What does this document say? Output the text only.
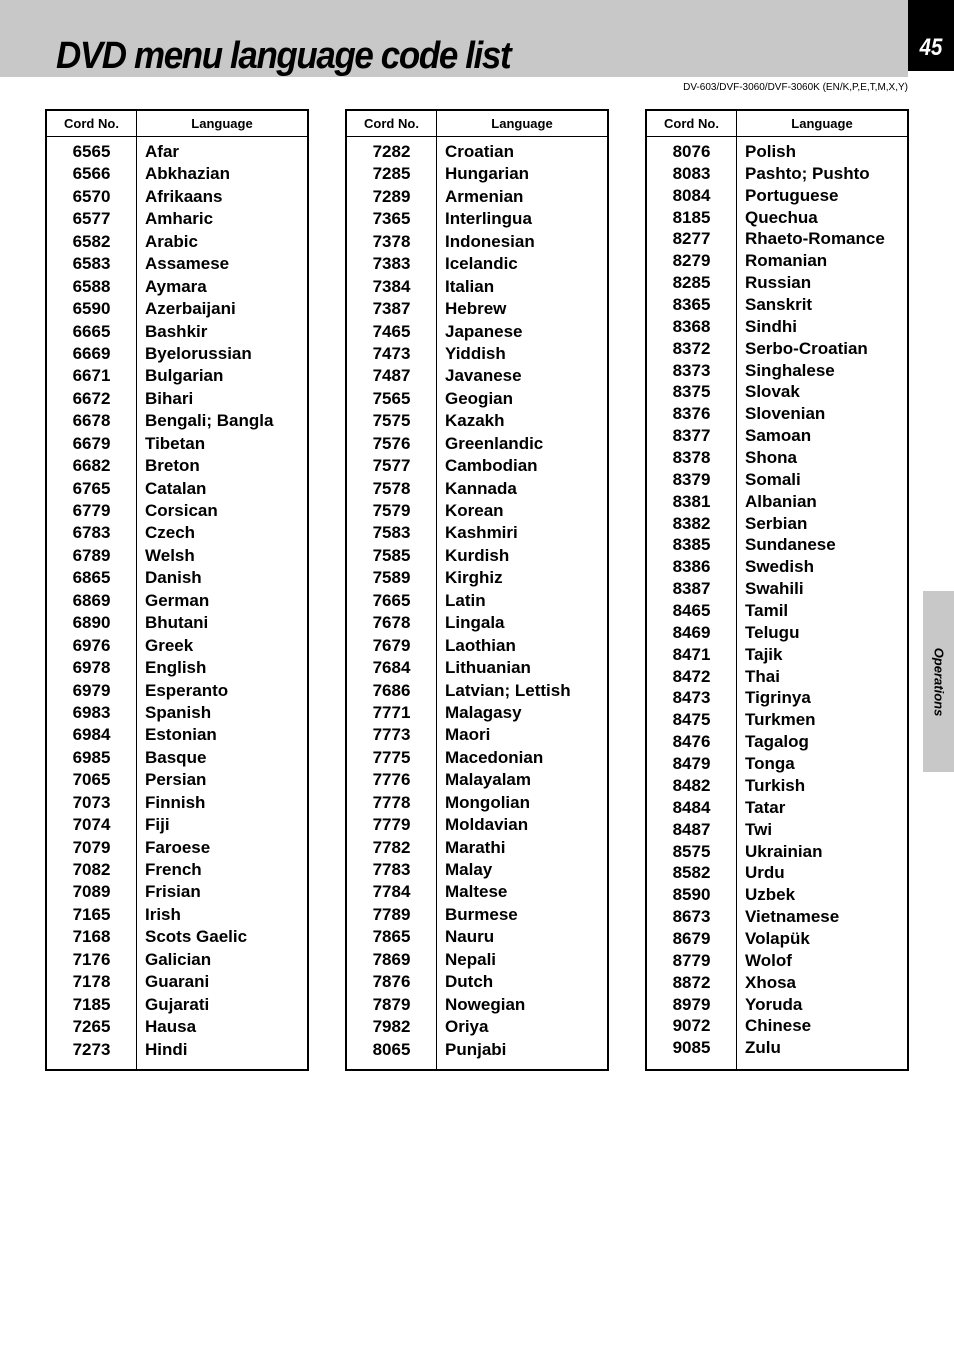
DVD menu language code list	45
DV-603/DVF-3060/DVF-3060K (EN/K,P,E,T,M,X,Y)
Operations
Cord No.	Language
6565	Afar
6566	Abkhazian
6570	Afrikaans
6577	Amharic
6582	Arabic
6583	Assamese
6588	Aymara
6590	Azerbaijani
6665	Bashkir
6669	Byelorussian
6671	Bulgarian
6672	Bihari
6678	Bengali; Bangla
6679	Tibetan
6682	Breton
6765	Catalan
6779	Corsican
6783	Czech
6789	Welsh
6865	Danish
6869	German
6890	Bhutani
6976	Greek
6978	English
6979	Esperanto
6983	Spanish
6984	Estonian
6985	Basque
7065	Persian
7073	Finnish
7074	Fiji
7079	Faroese
7082	French
7089	Frisian
7165	Irish
7168	Scots Gaelic
7176	Galician
7178	Guarani
7185	Gujarati
7265	Hausa
7273	Hindi
Cord No.	Language
7282	Croatian
7285	Hungarian
7289	Armenian
7365	Interlingua
7378	Indonesian
7383	Icelandic
7384	Italian
7387	Hebrew
7465	Japanese
7473	Yiddish
7487	Javanese
7565	Geogian
7575	Kazakh
7576	Greenlandic
7577	Cambodian
7578	Kannada
7579	Korean
7583	Kashmiri
7585	Kurdish
7589	Kirghiz
7665	Latin
7678	Lingala
7679	Laothian
7684	Lithuanian
7686	Latvian; Lettish
7771	Malagasy
7773	Maori
7775	Macedonian
7776	Malayalam
7778	Mongolian
7779	Moldavian
7782	Marathi
7783	Malay
7784	Maltese
7789	Burmese
7865	Nauru
7869	Nepali
7876	Dutch
7879	Nowegian
7982	Oriya
8065	Punjabi
Cord No.	Language
8076	Polish
8083	Pashto; Pushto
8084	Portuguese
8185	Quechua
8277	Rhaeto-Romance
8279	Romanian
8285	Russian
8365	Sanskrit
8368	Sindhi
8372	Serbo-Croatian
8373	Singhalese
8375	Slovak
8376	Slovenian
8377	Samoan
8378	Shona
8379	Somali
8381	Albanian
8382	Serbian
8385	Sundanese
8386	Swedish
8387	Swahili
8465	Tamil
8469	Telugu
8471	Tajik
8472	Thai
8473	Tigrinya
8475	Turkmen
8476	Tagalog
8479	Tonga
8482	Turkish
8484	Tatar
8487	Twi
8575	Ukrainian
8582	Urdu
8590	Uzbek
8673	Vietnamese
8679	Volapük
8779	Wolof
8872	Xhosa
8979	Yoruda
9072	Chinese
9085	Zulu
